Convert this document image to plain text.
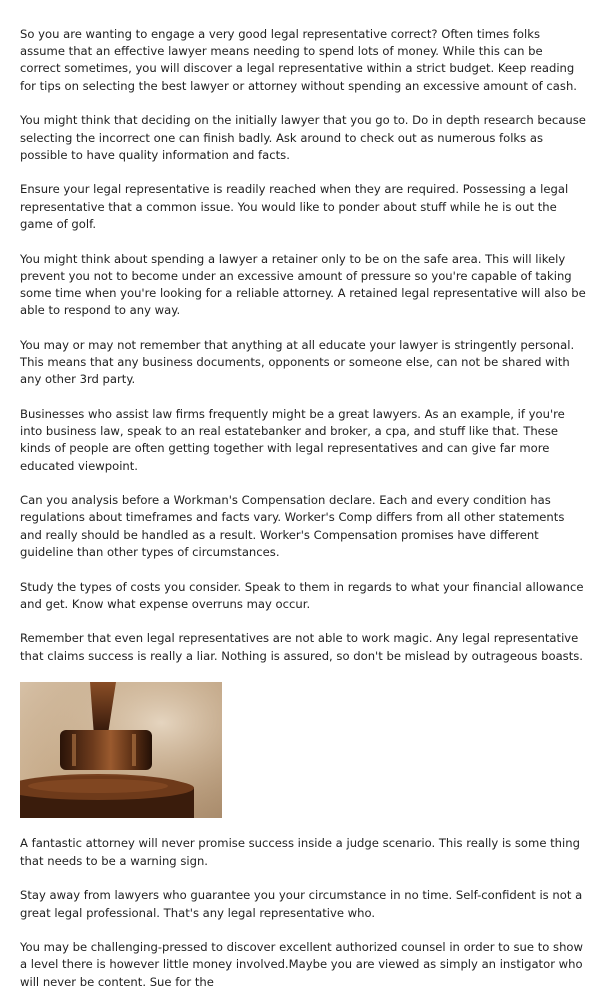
So you are wanting to engage a very good legal representative correct? Often times folks assume that an effective lawyer means needing to spend lots of money. While this can be correct sometimes, you will discover a legal representative within a strict budget. Keep reading for tips on selecting the best lawyer or attorney without spending an excessive amount of cash.

You might think that deciding on the initially lawyer that you go to. Do in depth research because selecting the incorrect one can finish badly. Ask around to check out as numerous folks as possible to have quality information and facts.

Ensure your legal representative is readily reached when they are required. Possessing a legal representative that a common issue. You would like to ponder about stuff while he is out the game of golf.

You might think about spending a lawyer a retainer only to be on the safe area. This will likely prevent you not to become under an excessive amount of pressure so you're capable of taking some time when you're looking for a reliable attorney. A retained legal representative will also be able to respond to any way.

You may or may not remember that anything at all educate your lawyer is stringently personal. This means that any business documents, opponents or someone else, can not be shared with any other 3rd party.

Businesses who assist law firms frequently might be a great lawyers. As an example, if you're into business law, speak to an real estatebanker and broker, a cpa, and stuff like that. These kinds of people are often getting together with legal representatives and can give far more educated viewpoint.

Can you analysis before a Workman's Compensation declare. Each and every condition has regulations about timeframes and facts vary. Worker's Comp differs from all other statements and really should be handled as a result. Worker's Compensation promises have different guideline than other types of circumstances.

Study the types of costs you consider. Speak to them in regards to what your financial allowance and get. Know what expense overruns may occur.

Remember that even legal representatives are not able to work magic. Any legal representative that claims success is really a liar. Nothing is assured, so don't be mislead by outrageous boasts.

A fantastic attorney will never promise success inside a judge scenario. This really is some thing that needs to be a warning sign.

Stay away from lawyers who guarantee you your circumstance in no time. Self-confident is not a great legal professional. That's any legal representative who.

You may be challenging-pressed to discover excellent authorized counsel in order to sue to show a level there is however little money involved.Maybe you are viewed as simply an instigator who will never be content. Sue for the
